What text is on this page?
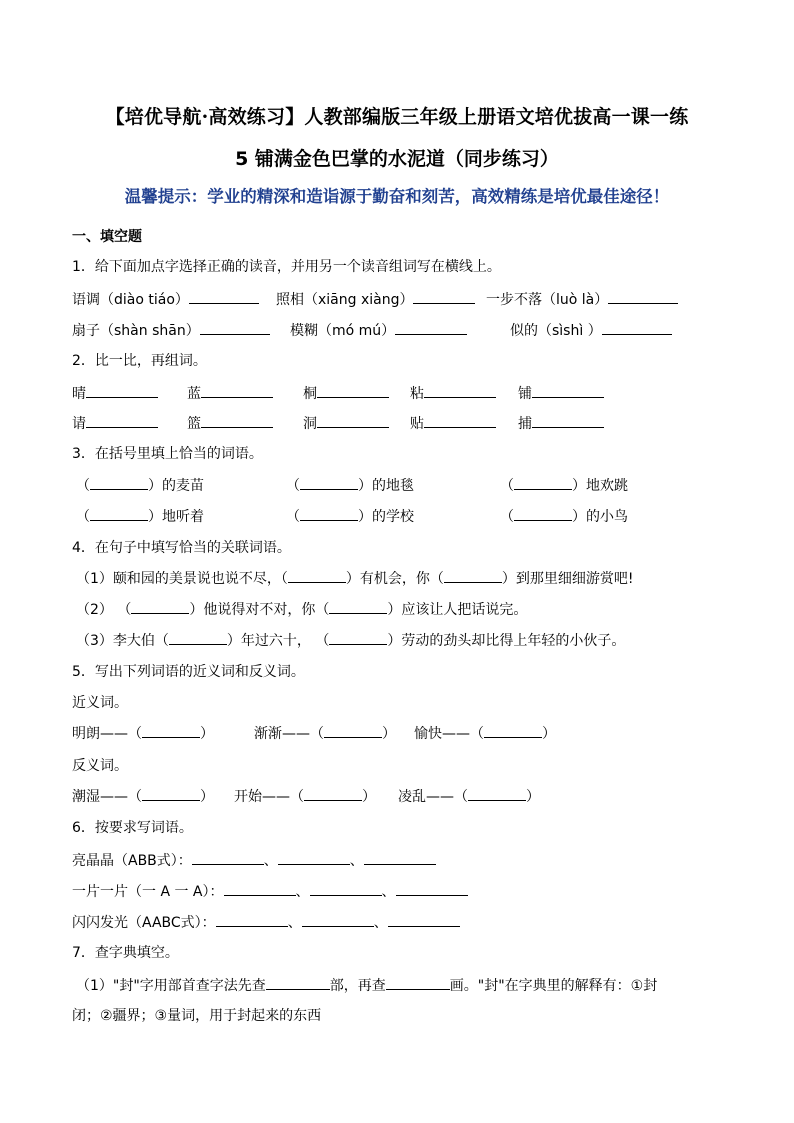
【培优导航·高效练习】人教部编版三年级上册语文培优拔高一课一练
5 铺满金色巴掌的水泥道（同步练习）
温馨提示：学业的精深和造诣源于勤奋和刻苦，高效精练是培优最佳途径！
一、填空题
1．给下面加点字选择正确的读音，并用另一个读音组词写在横线上。
语调（diào tiáo）	照相（xiāng xiàng）	一步不落（luò là）
扇子（shàn shān）	模糊（mó mú）	似的（sìshì ）
2．比一比，再组词。
晴	蓝	桐	粘	铺
请	篮	洞	贴	捕
3．在括号里填上恰当的词语。
（	）的麦苗	（	）的地毯	（	）地欢跳
（	）地听着	（	）的学校	（	）的小鸟
4．在句子中填写恰当的关联词语。
（1）颐和园的美景说也说不尽，（	）有机会，你（	）到那里细细游赏吧!
（2） （	）他说得对不对，你（	）应该让人把话说完。
（3）李大伯（	）年过六十， （	）劳动的劲头却比得上年轻的小伙子。
5．写出下列词语的近义词和反义词。
近义词。
明朗——（	）	渐渐——（	） 愉快——（	）
反义词。
潮湿——（	） 开始——（	） 凌乱——（	）
6．按要求写词语。
亮晶晶（ABB式）：	、	、
一片一片（一 A 一 A）：	、	、
闪闪发光（AABC式）：	、	、
7．查字典填空。
（1）"封"字用部首查字法先查	部，再查	画。"封"在字典里的解释有：①封
闭；②疆界；③量词，用于封起来的东西
